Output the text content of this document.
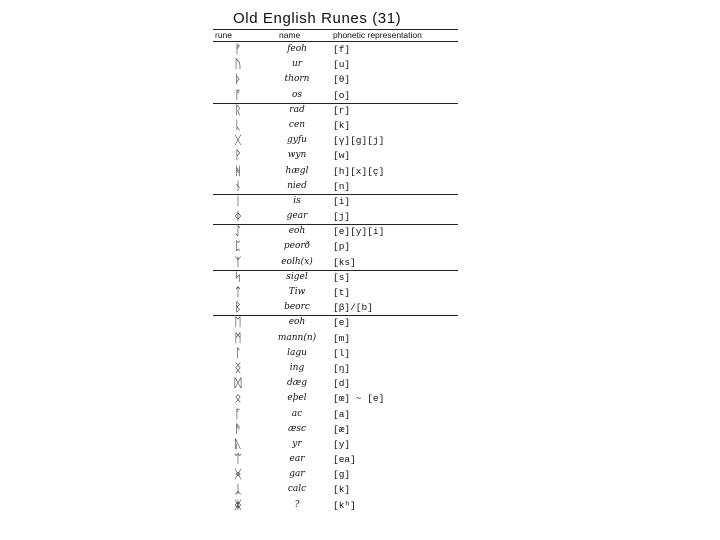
Old English Runes (31)
rune	name	phonetic representation
ᚠ	feoh	[f]
ᚢ	ur	[u]
ᚦ	thorn	[θ]
ᚩ	os	[o]
ᚱ	rad	[r]
ᚳ	cen	[k]
ᚷ	gyfu	[γ][g][j]
ᚹ	wyn	[w]
ᚻ	hægl	[h][x][ç]
ᚾ	nied	[n]
ᛁ	is	[i]
ᛄ	gear	[j]
ᛇ	eoh	[e][y][i]
ᛈ	peorð	[p]
ᛉ	eolh(x)	[ks]
ᛋ	sigel	[s]
ᛏ	Tiw	[t]
ᛒ	beorc	[β]/[b]
ᛖ	eoh	[e]
ᛗ	mann(n)	[m]
ᛚ	lagu	[l]
ᛝ	ing	[ŋ]
ᛞ	dæg	[d]
ᛟ	eþel	[œ] ~ [e]
ᚪ	ac	[a]
ᚫ	æsc	[æ]
ᚣ	yr	[y]
ᛠ	ear	[ea]
ᚸ	gar	[g]
ᛣ	calc	[k]
ᛤ	?	[kʰ]
